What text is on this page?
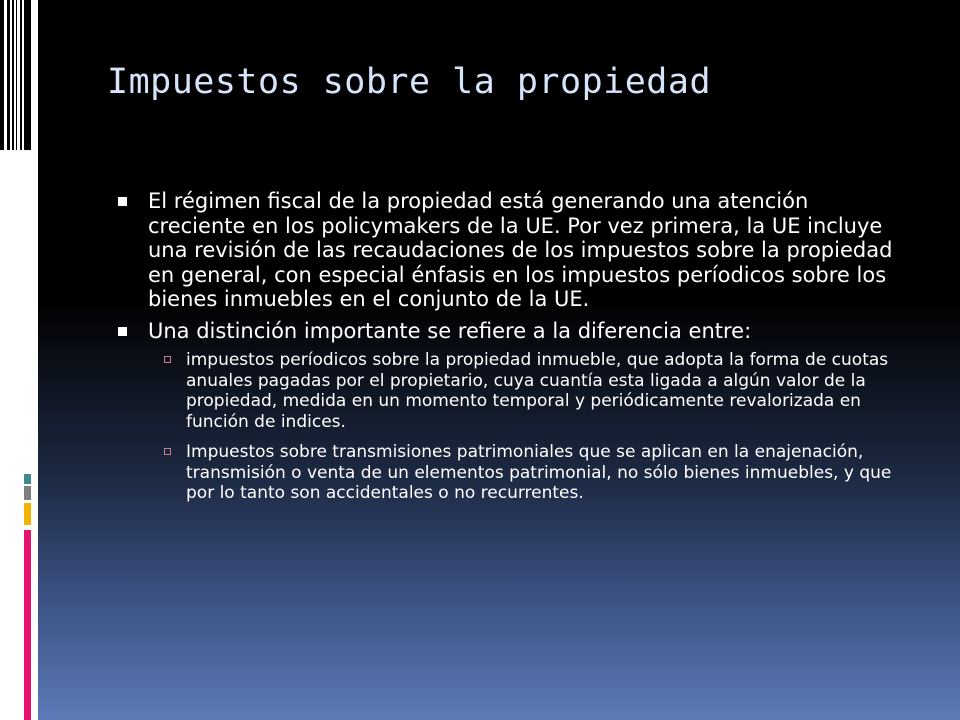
Impuestos sobre la propiedad
El régimen fiscal de la propiedad está generando una atención creciente en los policymakers de la UE. Por vez primera, la UE incluye una revisión de las recaudaciones de los impuestos sobre la propiedad en general, con especial énfasis en los impuestos períodicos sobre los bienes inmuebles en el conjunto de la UE.
Una distinción importante se refiere a la diferencia entre:
impuestos períodicos sobre la propiedad inmueble, que adopta la forma de cuotas anuales pagadas por el propietario, cuya cuantía esta ligada a algún valor de la propiedad, medida en un momento temporal y periódicamente revalorizada en función de indices.
Impuestos sobre transmisiones patrimoniales que se aplican en la enajenación, transmisión o venta de un elementos patrimonial, no sólo bienes inmuebles, y que por lo tanto son accidentales o no recurrentes.
